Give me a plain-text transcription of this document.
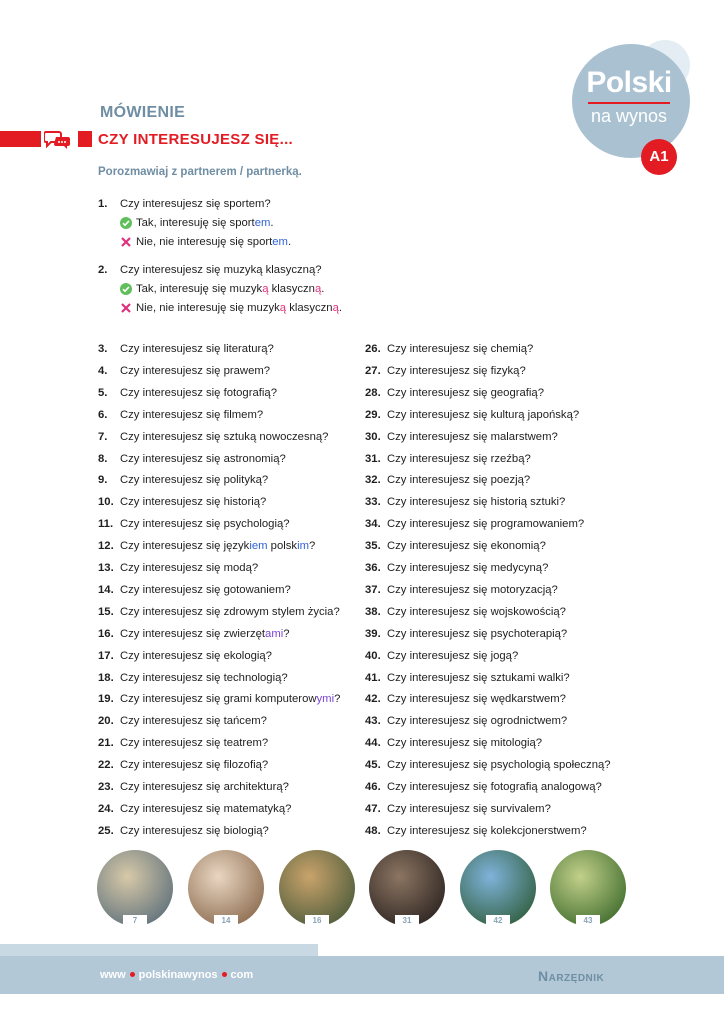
Polski
na wynos
A1
MÓWIENIE
CZY INTERESUJESZ SIĘ...
Porozmawiaj z partnerem / partnerką.
1. Czy interesujesz się sportem?
Tak, interesuję się sportem.
Nie, nie interesuję się sportem.
2. Czy interesujesz się muzyką klasyczną?
Tak, interesuję się muzyką klasyczną.
Nie, nie interesuję się muzyką klasyczną.
3. Czy interesujesz się literaturą?
4. Czy interesujesz się prawem?
5. Czy interesujesz się fotografią?
6. Czy interesujesz się filmem?
7. Czy interesujesz się sztuką nowoczesną?
8. Czy interesujesz się astronomią?
9. Czy interesujesz się polityką?
10. Czy interesujesz się historią?
11. Czy interesujesz się psychologią?
12. Czy interesujesz się językiem polskim?
13. Czy interesujesz się modą?
14. Czy interesujesz się gotowaniem?
15. Czy interesujesz się zdrowym stylem życia?
16. Czy interesujesz się zwierzętami?
17. Czy interesujesz się ekologią?
18. Czy interesujesz się technologią?
19. Czy interesujesz się grami komputerowymi?
20. Czy interesujesz się tańcem?
21. Czy interesujesz się teatrem?
22. Czy interesujesz się filozofią?
23. Czy interesujesz się architekturą?
24. Czy interesujesz się matematyką?
25. Czy interesujesz się biologią?
26. Czy interesujesz się chemią?
27. Czy interesujesz się fizyką?
28. Czy interesujesz się geografią?
29. Czy interesujesz się kulturą japońską?
30. Czy interesujesz się malarstwem?
31. Czy interesujesz się rzeźbą?
32. Czy interesujesz się poezją?
33. Czy interesujesz się historią sztuki?
34. Czy interesujesz się programowaniem?
35. Czy interesujesz się ekonomią?
36. Czy interesujesz się medycyną?
37. Czy interesujesz się motoryzacją?
38. Czy interesujesz się wojskowością?
39. Czy interesujesz się psychoterapią?
40. Czy interesujesz się jogą?
41. Czy interesujesz się sztukami walki?
42. Czy interesujesz się wędkarstwem?
43. Czy interesujesz się ogrodnictwem?
44. Czy interesujesz się mitologią?
45. Czy interesujesz się psychologią społeczną?
46. Czy interesujesz się fotografią analogową?
47. Czy interesujesz się survivalem?
48. Czy interesujesz się kolekcjonerstwem?
7	14	16	31	42	43
www polskinawynos com	Narzędnik
